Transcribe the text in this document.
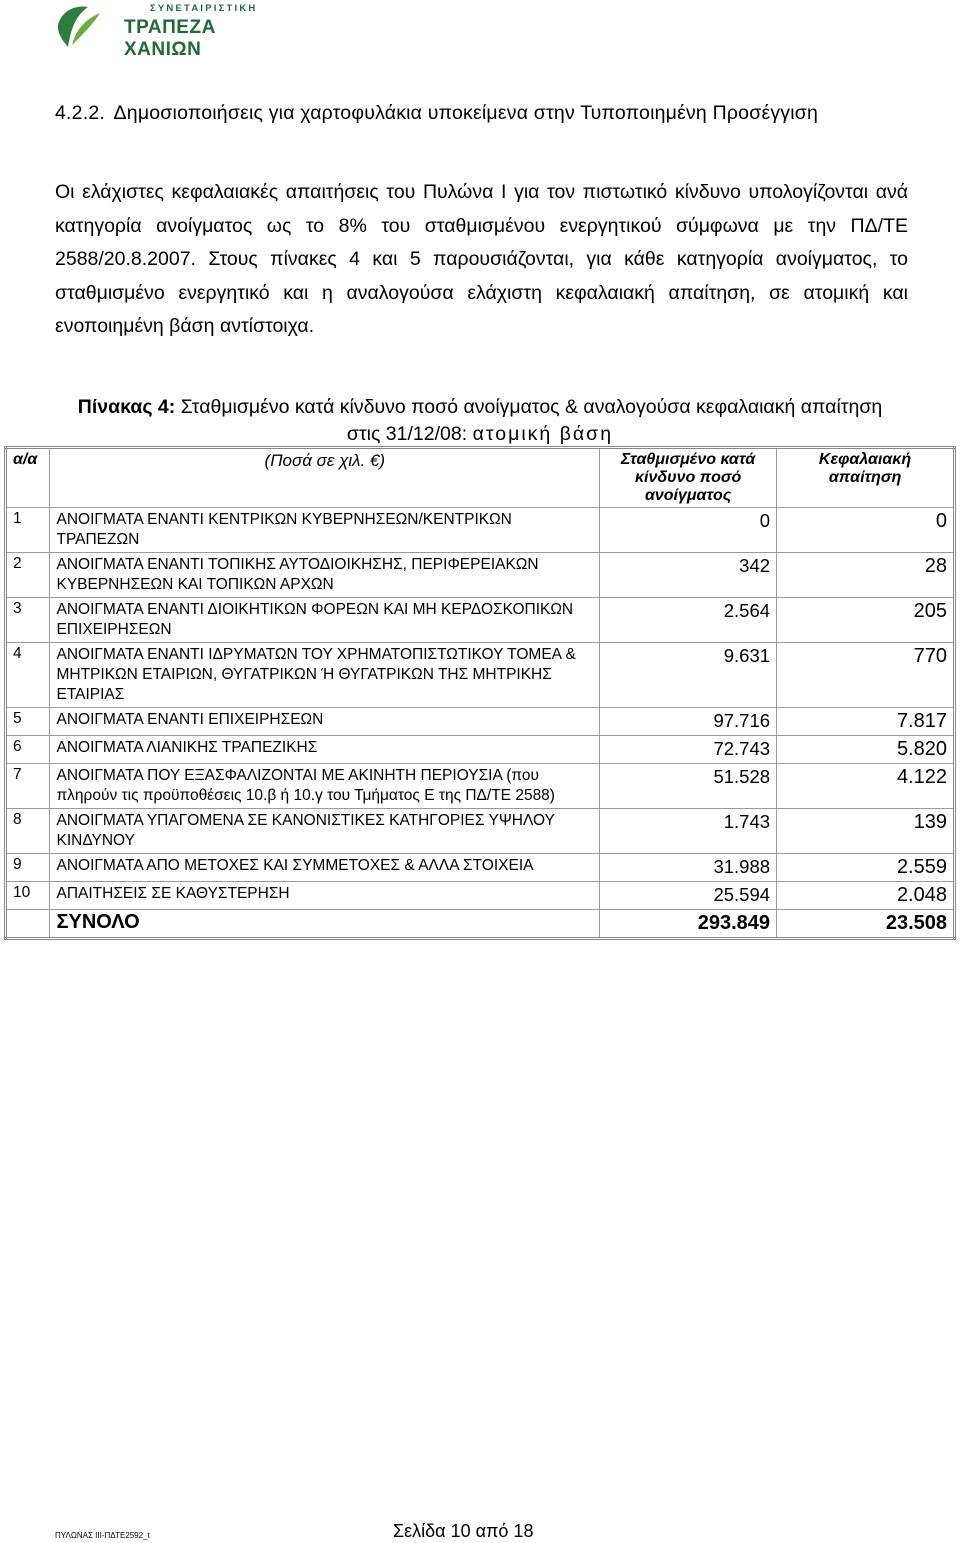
ΣΥΝΕΤΑΙΡΙΣΤΙΚΗ
ΤΡΑΠΕΖΑ ΧΑΝΙΩΝ
4.2.2. Δημοσιοποιήσεις για χαρτοφυλάκια υποκείμενα στην Τυποποιημένη Προσέγγιση
Οι ελάχιστες κεφαλαιακές απαιτήσεις του Πυλώνα Ι για τον πιστωτικό κίνδυνο υπολογίζονται ανά κατηγορία ανοίγματος ως το 8% του σταθμισμένου ενεργητικού σύμφωνα με την ΠΔ/ΤΕ 2588/20.8.2007. Στους πίνακες 4 και 5 παρουσιάζονται, για κάθε κατηγορία ανοίγματος, το σταθμισμένο ενεργητικό και η αναλογούσα ελάχιστη κεφαλαιακή απαίτηση, σε ατομική και ενοποιημένη βάση αντίστοιχα.
Πίνακας 4: Σταθμισμένο κατά κίνδυνο ποσό ανοίγματος & αναλογούσα κεφαλαιακή απαίτηση στις 31/12/08: ατομική βάση
α/α	(Ποσά σε χιλ. €)	Σταθμισμένο κατά κίνδυνο ποσό ανοίγματος	Κεφαλαιακή απαίτηση
1	ΑΝΟΙΓΜΑΤΑ ΕΝΑΝΤΙ ΚΕΝΤΡΙΚΩΝ ΚΥΒΕΡΝΗΣΕΩΝ/ΚΕΝΤΡΙΚΩΝ ΤΡΑΠΕΖΩΝ	0	0
2	ΑΝΟΙΓΜΑΤΑ ΕΝΑΝΤΙ ΤΟΠΙΚΗΣ ΑΥΤΟΔΙΟΙΚΗΣΗΣ, ΠΕΡΙΦΕΡΕΙΑΚΩΝ ΚΥΒΕΡΝΗΣΕΩΝ ΚΑΙ ΤΟΠΙΚΩΝ ΑΡΧΩΝ	342	28
3	ΑΝΟΙΓΜΑΤΑ ΕΝΑΝΤΙ ΔΙΟΙΚΗΤΙΚΩΝ ΦΟΡΕΩΝ ΚΑΙ ΜΗ ΚΕΡΔΟΣΚΟΠΙΚΩΝ ΕΠΙΧΕΙΡΗΣΕΩΝ	2.564	205
4	ΑΝΟΙΓΜΑΤΑ ΕΝΑΝΤΙ ΙΔΡΥΜΑΤΩΝ ΤΟΥ ΧΡΗΜΑΤΟΠΙΣΤΩΤΙΚΟΥ ΤΟΜΕΑ & ΜΗΤΡΙΚΩΝ ΕΤΑΙΡΙΩΝ, ΘΥΓΑΤΡΙΚΩΝ Ή ΘΥΓΑΤΡΙΚΩΝ ΤΗΣ ΜΗΤΡΙΚΗΣ ΕΤΑΙΡΙΑΣ	9.631	770
5	ΑΝΟΙΓΜΑΤΑ ΕΝΑΝΤΙ ΕΠΙΧΕΙΡΗΣΕΩΝ	97.716	7.817
6	ΑΝΟΙΓΜΑΤΑ ΛΙΑΝΙΚΗΣ ΤΡΑΠΕΖΙΚΗΣ	72.743	5.820
7	ΑΝΟΙΓΜΑΤΑ ΠΟΥ ΕΞΑΣΦΑΛΙΖΟΝΤΑΙ ΜΕ ΑΚΙΝΗΤΗ ΠΕΡΙΟΥΣΙΑ (που πληρούν τις προϋποθέσεις 10.β ή 10.γ του Τμήματος Ε της ΠΔ/ΤΕ 2588)	51.528	4.122
8	ΑΝΟΙΓΜΑΤΑ ΥΠΑΓΟΜΕΝΑ ΣΕ ΚΑΝΟΝΙΣΤΙΚΕΣ ΚΑΤΗΓΟΡΙΕΣ ΥΨΗΛΟΥ ΚΙΝΔΥΝΟΥ	1.743	139
9	ΑΝΟΙΓΜΑΤΑ ΑΠΟ ΜΕΤΟΧΕΣ ΚΑΙ ΣΥΜΜΕΤΟΧΕΣ & ΑΛΛΑ ΣΤΟΙΧΕΙΑ	31.988	2.559
10	ΑΠΑΙΤΗΣΕΙΣ ΣΕ ΚΑΘΥΣΤΕΡΗΣΗ	25.594	2.048
	ΣΥΝΟΛΟ	293.849	23.508
ΠΥΛΩΝΑΣ ΙΙΙ-ΠΔΤΕ2592_t	Σελίδα 10 από 18
